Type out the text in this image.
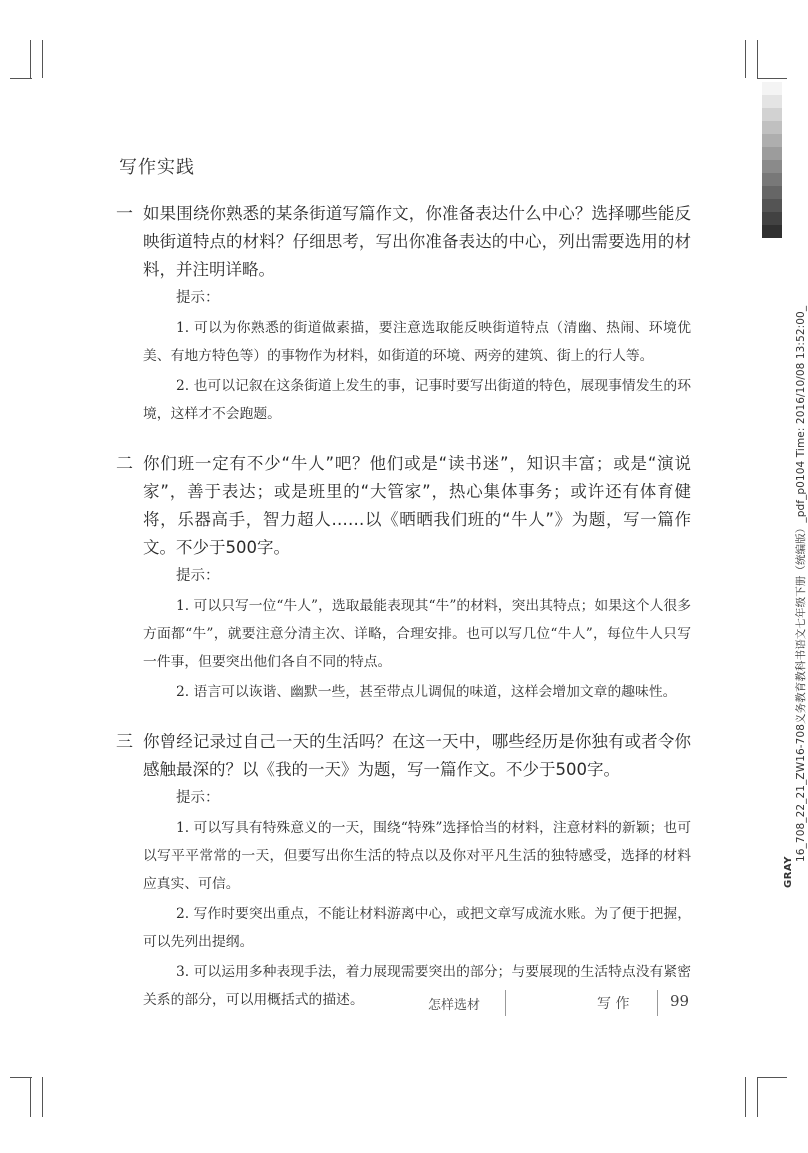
16_708_22_21_ZW16-708义务教育教科书语文七年级下册（统编版）_pdf_p0104 Time: 2016/10/08 13:52:00_
GRAY
写作实践
一 如果围绕你熟悉的某条街道写篇作文，你准备表达什么中心？选择哪些能反映街道特点的材料？仔细思考，写出你准备表达的中心，列出需要选用的材料，并注明详略。
提示：
1. 可以为你熟悉的街道做素描，要注意选取能反映街道特点（清幽、热闹、环境优美、有地方特色等）的事物作为材料，如街道的环境、两旁的建筑、街上的行人等。
2. 也可以记叙在这条街道上发生的事，记事时要写出街道的特色，展现事情发生的环境，这样才不会跑题。
二 你们班一定有不少“牛人”吧？他们或是“读书迷”，知识丰富；或是“演说家”，善于表达；或是班里的“大管家”，热心集体事务；或许还有体育健将，乐器高手，智力超人……以《晒晒我们班的“牛人”》为题，写一篇作文。不少于500字。
提示：
1. 可以只写一位“牛人”，选取最能表现其“牛”的材料，突出其特点；如果这个人很多方面都“牛”，就要注意分清主次、详略，合理安排。也可以写几位“牛人”，每位牛人只写一件事，但要突出他们各自不同的特点。
2. 语言可以诙谐、幽默一些，甚至带点儿调侃的味道，这样会增加文章的趣味性。
三 你曾经记录过自己一天的生活吗？在这一天中，哪些经历是你独有或者令你感触最深的？以《我的一天》为题，写一篇作文。不少于500字。
提示：
1. 可以写具有特殊意义的一天，围绕“特殊”选择恰当的材料，注意材料的新颖；也可以写平平常常的一天，但要写出你生活的特点以及你对平凡生活的独特感受，选择的材料应真实、可信。
2. 写作时要突出重点，不能让材料游离中心，或把文章写成流水账。为了便于把握，可以先列出提纲。
3. 可以运用多种表现手法，着力展现需要突出的部分；与要展现的生活特点没有紧密关系的部分，可以用概括式的描述。	怎样选材	写 作	99
